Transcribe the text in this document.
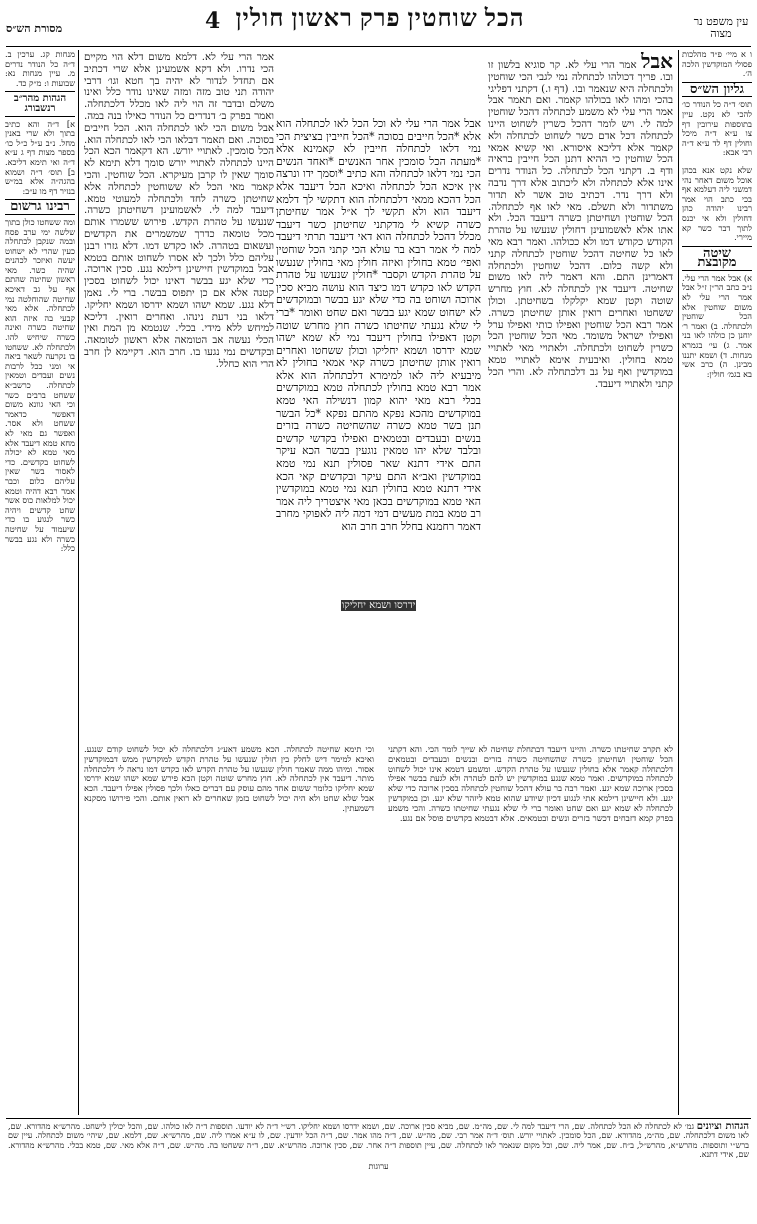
עין משפט נר מצוה
הכל שוחטין פרק ראשון חולין
4
מסורת הש״ס

ו א מיי׳ פ״ד מהלכות פסולי המוקדשין הלכה ה׳.

גליון הש״ס

תוס׳ ד״ה כל הנודר כו׳ להכי לא נקט. עיין בתוספות עירובין דף צו ע״א ד״ה מיכל וחולין דף לד ע״א ד״ה רבי אבא:

שלא נקט אנא בכהן אוכל משום דאחר נהי דמשני ליה דעלמא אף בכי כתב הוי אמר רבינו יהודה כהן דחולין ולא אי יכנס לתוך דבר כשר קא מיירי.

שיטה מקובצת

א) אבל אמר הרי עלי. נ״ב כתב הר״ן ז״ל אבל אמר הרי עלי לא משום שוחטין אלא הכל שוחטין ולכתחלה. ב) ואמר ר׳ יוחנן כן כולהו לאו בני אמר. ג) עי׳ בגמרא מנחות. ד) ושמא יתננו מבינן. ה) כרב אשי בא בגמ׳ חולין:

מנחות קג. ערכין ב. ד״ה כל הנודר נדרים מ. עיין מנחות נא: שבועות ו: מ״ק כד.

הגהות מהר״ב רנשבורג

א] ד״ה והא כתיב בתוך ולא שרי באנין מחל. נ״ב ע״ל כ״ל כו׳ בספר מצות דף ג ע״א ד״ה ואי תימא דליכא. ב] תוס׳ ד״ה ושמוא בהגה״ה אלא במ״ש בנזיר דף מו ע״ב:

רבינו גרשום

ומה ששחטו כולן בתוך שלשה ימי ערב פסח ובמה שנקבן לכתחלה כעין שהרי לא ישחוט יעשה ואיזכר לכהנים שהיה כשר. מאי ראשון שחיטה שהתם אף על גב דאיכא שחיטה שהוחלטה נמי לכתחלה. אלא מאי קבעי בה איזה הוא שחיטה כשרה ואינה כשרה שיחיש להו. ולכתחלה לא. ששחטו בו נקרעה לשאר ביאה אי ומני ככל לרבות נשים ועבדים וטמאין לכתחלה. כרשב״א ששחט ברבים כשר וכי האי גוונא משום דאפשר כדאמר ששחט ולא אסר. ואפשר גם מאי לא מחא טמא דיעבד אלא מאי טמא לא יכולה לשחוט בקדשים. כדי לאסור בשר שאין עליהם כלום וכבר אמר רבא דהיה וטמא יכול למלאות כוס אשר שחט קדשים ויהיה כשר לנגוע בו כדי שיעמוד על שחיטה כשרה ולא נגע בבשר כלל:

אבל אמר הרי עלי לא. קר סוגיא בלשון זו ובו. פריך דכולהו לכתחלה נמי לגבי הכי שוחטין ולכתחלה היא שנאמר ובו. (דף ו.) דקתני דפליגי בהכי ומהו לאו בכולהו קאמר. ואם תאמר אבל אמר הרי עלי לא משמע לכתחלה דהכל שוחטין למה לי. ויש לומר דהכל כשרין לשחוט היינו לכתחלה דכל אדם כשר לשחוט לכתחלה ולא קאמר אלא דליכא איסורא. ואי קשיא אמאי הכל שוחטין כי ההיא דתנן הכל חייבין בראיה ודף ב. דקתני הכל לכתחלה. כל הנודר נדרים אינו אלא לכתחלה ולא ליכתוב אלא דרך נדבה ולא דרך נדר. דכתיב טוב אשר לא תדור משתדור ולא תשלם. מאי לאו אף לכתחלה. הכל שוחטין ושחיטתן כשרה דיעבד הכל. ולא אתו אלא לאשמועינן דחולין שנעשו על טהרת הקודש כקודש דמו ולא ככולהו. ואמר רבא מאי לאו כל שחיטה דהכל שוחטין לכתחלה קתני ולא קשה כלום. דהכל שוחטין ולכתחלה דאמרינן התם. והא דאמר ליה לאו משום שחיטה. דיעבד אין לכתחלה לא. חוץ מחרש שוטה וקטן שמא יקלקלו בשחיטתן. וכולן ששחטו ואחרים רואין אותן שחיטתן כשרה. אמר רבא הכל שוחטין ואפילו כותי ואפילו ערל ואפילו ישראל משומד. מאי הכל שוחטין הכל כשרין לשחוט ולכתחלה. ולאתויי מאי לאתויי טמא בחולין. ואיבעית אימא לאתויי טמא במוקדשין ואף על גב דלכתחלה לא. והרי הכל קתני ולאתויי דיעבד.

אבל אמר הרי עלי לא וכל הכל לאו לכתחלה הוא אלא *הכל חייבים בסוכה *הכל חייבין בציצית הכי נמי דלאו לכתחלה חייבין לא קאמינא אלא *מעתה הכל סומכין אחר האנשים *ואחד הנשים הכי נמי דלאו לכתחלה והא כתיב *וסמך ידו ונרצה אין איכא הכל לכתחלה ואיכא הכל דיעבד אלא הכל דהכא ממאי דלכתחלה הוא דתקשי לך דלמא דיעבד הוא ולא תקשי לך א״ל אמר שחיטתן כשרה קשיא לי מדקתני שחיטתן כשר דיעבד מכלל דהכל לכתחלה הוא דאי דיעבד תרתי דיעבד למה לי אמר רבא בר עולא הכי קתני הכל שוחטין ואפי׳ טמא בחולין ואיזה חולין מאי בחולין שנעשו על טהרת הקדש וקסבר *חולין שנעשו על טהרת הקדש לאו כקדש דמו כיצד הוא עושה מביא סכין ארוכה ושוחט בה כדי שלא יגע בבשר ובמוקדשים לא ישחוט שמא יגע בבשר ואם שחט ואומר *ברי לי שלא נגעתי שחיטתו כשרה חוץ מחרש שוטה וקטן דאפילו בחולין דיעבד נמי לא שמא ישהו שמא ידרסו ושמא יחליקו וכולן ששחטו ואחרים רואין אותן שחיטתן כשרה קאי אמאי בחולין לא מיבעיא ליה לאו למימרא דלכתחלה הוא אלא אמר רבא טמא בחולין לכתחלה טמא במוקדשים בכלי רבא מאי יהוא קמון דנשילה האי טמא במוקדשים מהכא נפקא מהתם נפקא *כל הבשר תנן בשר טמא כשרה שהשחיטה כשרה בזרים בנשים ובעבדים ובטמאים ואפילו בקדשי קדשים ובלבד שלא יהו טמאין נוגעין בבשר הכא עיקר התם אידי דתנא שאר פסולין תנא נמי טמא במוקדשין ואב״א התם עיקר ובקדשים קאי הכא אידי דתנא טמא בחולין תנא נמי טמא במוקדשין האי טמא במוקדשים בכאן מאי איצטריך ליה אמר רב טמא במת מעשים דמי דמה ליה לאפוקי מחרב דאמר רחמנא בחלל חרב חרב הוא

ידרסו ושמא יחליקו

אמר הרי עלי לא. דלמא משום דלא הוי מקיים הכי נדרו. ולא דקא אשמעינן אלא שרי דכתיב אם תחדל לנדור לא יהיה בך חטא וגו׳ דרבי יהודה תני טוב מזה ומזה שאינו נודר כלל ואינו משלם ובדבר זה הוי ליה לאו מכלל דלכתחלה. ואמר בפרק ב׳ דנדרים כל הנודר כאילו בנה במה. אבל משום הכי לאו לכתחלה הוא. הכל חייבים בסוכה. ואם תאמר דבלאו הכי לאו לכתחלה הוא. הכל סומכין. לאתויי יורש. הא דקאמר הכא הכל היינו לכתחלה לאתויי יורש סומך דלא תימא לא סומך שאין לו קרבן מעיקרא. הכל שוחטין. והכי קאמר מאי הכל לא ששוחטין לכתחלה אלא שחיטתן כשרה לחד ולכתחלה למעוטי טמא. דיעבד למה לי. לאשמועינן דשחיטתן כשרה. שנעשו על טהרת הקדש. פירוש ששמרו אותם מכל טומאה כדרך שמשמרים את הקדשים ועשאום בטהרה. לאו כקדש דמו. דלא גזרו רבנן עליהם כלל ולכך לא אסרו לשחוט אותם בטמא אבל במוקדשין חיישינן דילמא נגע. סכין ארוכה. כדי שלא יגע בבשר דאינו יכול לשחוט בסכין קטנה אלא אם כן יתפוס בבשר. ברי לי. נאמן דלא נגע. שמא ישהו ושמא ידרסו ושמא יחליקו. דלאו בני דעת נינהו. ואחרים רואין. דליכא למיחש ללא מידי. בכלי. שנטמא מן המת ואין הכלי נעשה אב הטומאה אלא ראשון לטומאה. ובקדשים נמי נגעו בו. חרב הוא. דקיימא לן חרב הרי הוא כחלל.

לא תקרב שחיטתו כשרה. והיינו דיעבד דבתחלת שחיטה לא שייך לומר הכי. והא דקתני הכל שוחטין ושחיטתן כשרה שהשחיטה כשרה בזרים ובנשים ובעבדים ובטמאים דלכתחלה קאמר אלא בחולין שנעשו על טהרת הקדש. ומשמע דטמא אינו יכול לשחוט לכתחלה במוקדשים. ואמר טמא שנגע במוקדשין יש להם לטהרה ולא לגעת בבשר אפילו בסכין ארוכה שמא יגע. ואמר רבה בר עולא דהכל שוחטין לכתחלה בסכין ארוכה כדי שלא יגע. ולא חיישינן דילמא אתי לנגוע דכיון שיודע שהוא טמא ליזהר שלא יגע. וכן במוקדשין לכתחלה לא שמא יגע ואם שחט ואומר ברי לי שלא נגעתי שחיטתו כשרה. והכי משמע בפרק קמא דזבחים דכשר בזרים ונשים ובטמאים. אלא דבטמא בקדשים פוסל אם נגע.

וכי תימא שחיטה לכתחלה. הכא משמע דאע״ג דלכתחלה לא יכול לשחוט קודם שנגע. ואיכא למימר דיש לחלק בין חולין שנעשו על טהרת הקדש למוקדשין ממש דבמוקדשין אסור. ומיהו ממה שאמר חולין שנעשו על טהרת הקדש לאו כקדש דמו נראה לי דלכתחלה מותר. דיעבד אין לכתחלה לא. חוץ מחרש שוטה וקטן הכא פירש שמא ישהו שמא ידרסו שמא יחליקו כלומר ששום אחד מהם עוסק עם דברים כאלו ולכך פסולין אפילו דיעבד. הכא אבל שלא שחט ולא היה יכול לשחוט בזמן שאחרים לא רואין אותם. והכי פירושו מסקנא דשמעתין.

הגהות וציונים גמ׳ לא לכתחלה לא הכל לכתחלה. שם, הרי דיעבד למה לי. שם, מה״מ. שם, מביא סכין ארוכה. שם, ושמא ידרסו ושמא יחליקו. רש״י ד״ה לא יודעו. תוספות ד״ה לאו כולהו. שם, והכל יכולין לישחט. מהרש״א מהדורא. שם, לאו משום דלכתחלה. שם, מה״מ, מהדורא. שם, הכל סומכין. לאתויי יורש. תוס׳ ד״ה אמר רבי. שם, מה״ש. שם, ד״ה מהו אמר. שם, ד״ה הכל יודעין. שם, לו ע״א אמרו ליה. שם, מהרש״א. שם, דלמא. שם, שיהי׳ משום לכתחלה. עיין שם ברש״י ותוספות. מהרש״א, מהרש״ל, ב״ח. שם, אמר ליה. שם, וכל מקום שנאמר לאו לכתחלה. שם, עיין תוספות ד״ה אחר. שם, סכין ארוכה. מהרש״א. שם, ד״ה ששחטו בה. מה״ש. שם, ד״ה אלא מאי. שם, טמא בכלי. מהרש״א מהדורא. שם, אידי דתנא.
ערוגות
